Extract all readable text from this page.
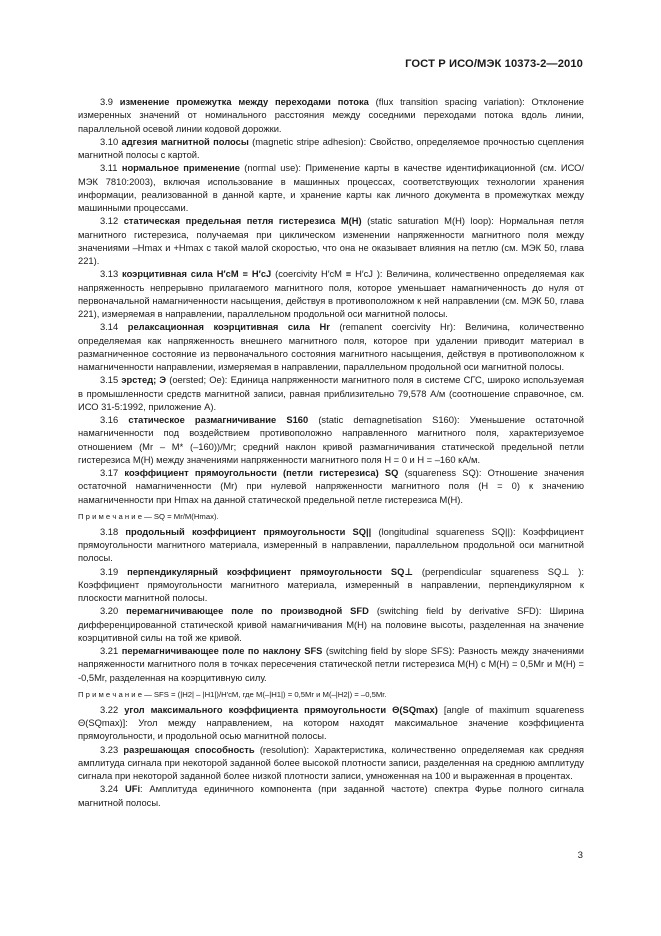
ГОСТ Р ИСО/МЭК 10373-2—2010

3.9 изменение промежутка между переходами потока (flux transition spacing variation): Отклонение измеренных значений от номинального расстояния между соседними переходами потока вдоль линии, параллельной осевой линии кодовой дорожки.

3.10 адгезия магнитной полосы (magnetic stripe adhesion): Свойство, определяемое прочностью сцепления магнитной полосы с картой.

3.11 нормальное применение (normal use): Применение карты в качестве идентификационной (см. ИСО/МЭК 7810:2003), включая использование в машинных процессах, соответствующих технологии хранения информации, реализованной в данной карте, и хранение карты как личного документа в промежутках между машинными процессами.

3.12 статическая предельная петля гистерезиса M(H) (static saturation M(H) loop): Нормальная петля магнитного гистерезиса, получаемая при циклическом изменении напряженности магнитного поля между значениями –Hmax и +Hmax с такой малой скоростью, что она не оказывает влияния на петлю (см. МЭК 50, глава 221).

3.13 коэрцитивная сила H′cM ≡ H′cJ (coercivity H′cM ≡ H′cJ ): Величина, количественно определяемая как напряженность непрерывно прилагаемого магнитного поля, которое уменьшает намагниченность до нуля от первоначальной намагниченности насыщения, действуя в противоположном к ней направлении (см. МЭК 50, глава 221), измеряемая в направлении, параллельном продольной оси магнитной полосы.

3.14 релаксационная коэрцитивная сила Hr (remanent coercivity Hr): Величина, количественно определяемая как напряженность внешнего магнитного поля, которое при удалении приводит материал в размагниченное состояние из первоначального состояния магнитного насыщения, действуя в противоположном к намагниченности направлении, измеряемая в направлении, параллельном продольной оси магнитной полосы.

3.15 эрстед; Э (oersted; Oe): Единица напряженности магнитного поля в системе СГС, широко используемая в промышленности средств магнитной записи, равная приблизительно 79,578 А/м (соотношение справочное, см. ИСО 31-5:1992, приложение А).

3.16 статическое размагничивание S160 (static demagnetisation S160): Уменьшение остаточной намагниченности под воздействием противоположно направленного магнитного поля, характеризуемое отношением (Mr – M* (–160))/Mr; средний наклон кривой размагничивания статической предельной петли гистерезиса M(H) между значениями напряженности магнитного поля H = 0 и H = –160 кА/м.

3.17 коэффициент прямоугольности (петли гистерезиса) SQ (squareness SQ): Отношение значения остаточной намагниченности (Mr) при нулевой напряженности магнитного поля (H = 0) к значению намагниченности при Hmax на данной статической предельной петле гистерезиса M(H).

П р и м е ч а н и е — SQ = Mr/M(Hmax).

3.18 продольный коэффициент прямоугольности SQ|| (longitudinal squareness SQ||): Коэффициент прямоугольности магнитного материала, измеренный в направлении, параллельном продольной оси магнитной полосы.

3.19 перпендикулярный коэффициент прямоугольности SQ⊥ (perpendicular squareness SQ⊥ ): Коэффициент прямоугольности магнитного материала, измеренный в направлении, перпендикулярном к плоскости магнитной полосы.

3.20 перемагничивающее поле по производной SFD (switching field by derivative SFD): Ширина дифференцированной статической кривой намагничивания M(H) на половине высоты, разделенная на значение коэрцитивной силы на той же кривой.

3.21 перемагничивающее поле по наклону SFS (switching field by slope SFS): Разность между значениями напряженности магнитного поля в точках пересечения статической петли гистерезиса M(H) с M(H) = 0,5Mr и M(H) = -0,5Mr, разделенная на коэрцитивную силу.

П р и м е ч а н и е — SFS = (|H2| – |H1|)/H′cM, где M(–|H1|) = 0,5Mr и M(–|H2|) = –0,5Mr.

3.22 угол максимального коэффициента прямоугольности Θ(SQmax) [angle of maximum squareness Θ(SQmax)]: Угол между направлением, на котором находят максимальное значение коэффициента прямоугольности, и продольной осью магнитной полосы.

3.23 разрешающая способность (resolution): Характеристика, количественно определяемая как средняя амплитуда сигнала при некоторой заданной более высокой плотности записи, разделенная на среднюю амплитуду сигнала при некоторой заданной более низкой плотности записи, умноженная на 100 и выраженная в процентах.

3.24 UFi: Амплитуда единичного компонента (при заданной частоте) спектра Фурье полного сигнала магнитной полосы.

3
